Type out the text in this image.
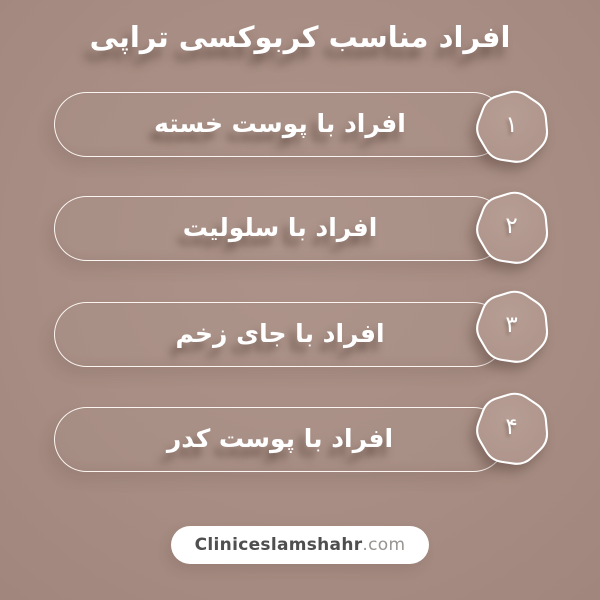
افراد مناسب کربوکسی تراپی
افراد با پوست خسته	۱
افراد با سلولیت	۲
افراد با جای زخم	۳
افراد با پوست کدر	۴
Cliniceslamshahr .com
